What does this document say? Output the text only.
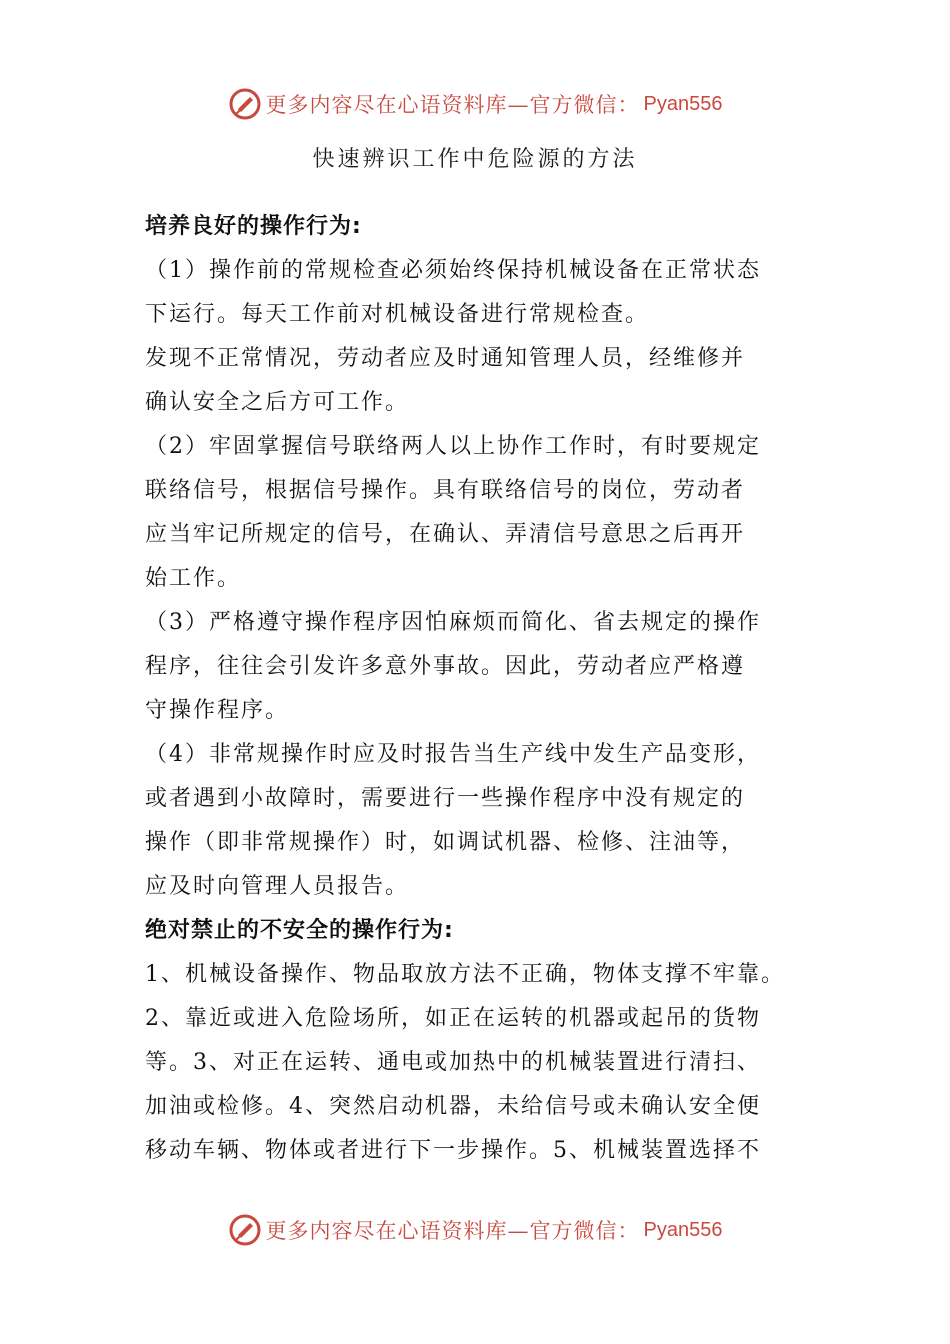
更多内容尽在心语资料库—官方微信： Pyan556
快速辨识工作中危险源的方法

培养良好的操作行为:

（1）操作前的常规检查必须始终保持机械设备在正常状态

下运行。每天工作前对机械设备进行常规检查。

发现不正常情况，劳动者应及时通知管理人员，经维修并

确认安全之后方可工作。

（2）牢固掌握信号联络两人以上协作工作时，有时要规定

联络信号，根据信号操作。具有联络信号的岗位，劳动者

应当牢记所规定的信号，在确认、弄清信号意思之后再开

始工作。

（3）严格遵守操作程序因怕麻烦而简化、省去规定的操作

程序，往往会引发许多意外事故。因此，劳动者应严格遵

守操作程序。

（4）非常规操作时应及时报告当生产线中发生产品变形，

或者遇到小故障时，需要进行一些操作程序中没有规定的

操作（即非常规操作）时，如调试机器、检修、注油等，

应及时向管理人员报告。

绝对禁止的不安全的操作行为:

1、机械设备操作、物品取放方法不正确，物体支撑不牢靠。

2、靠近或进入危险场所，如正在运转的机器或起吊的货物

等。3、对正在运转、通电或加热中的机械装置进行清扫、

加油或检修。4、突然启动机器，未给信号或未确认安全便

移动车辆、物体或者进行下一步操作。5、机械装置选择不

更多内容尽在心语资料库—官方微信： Pyan556
